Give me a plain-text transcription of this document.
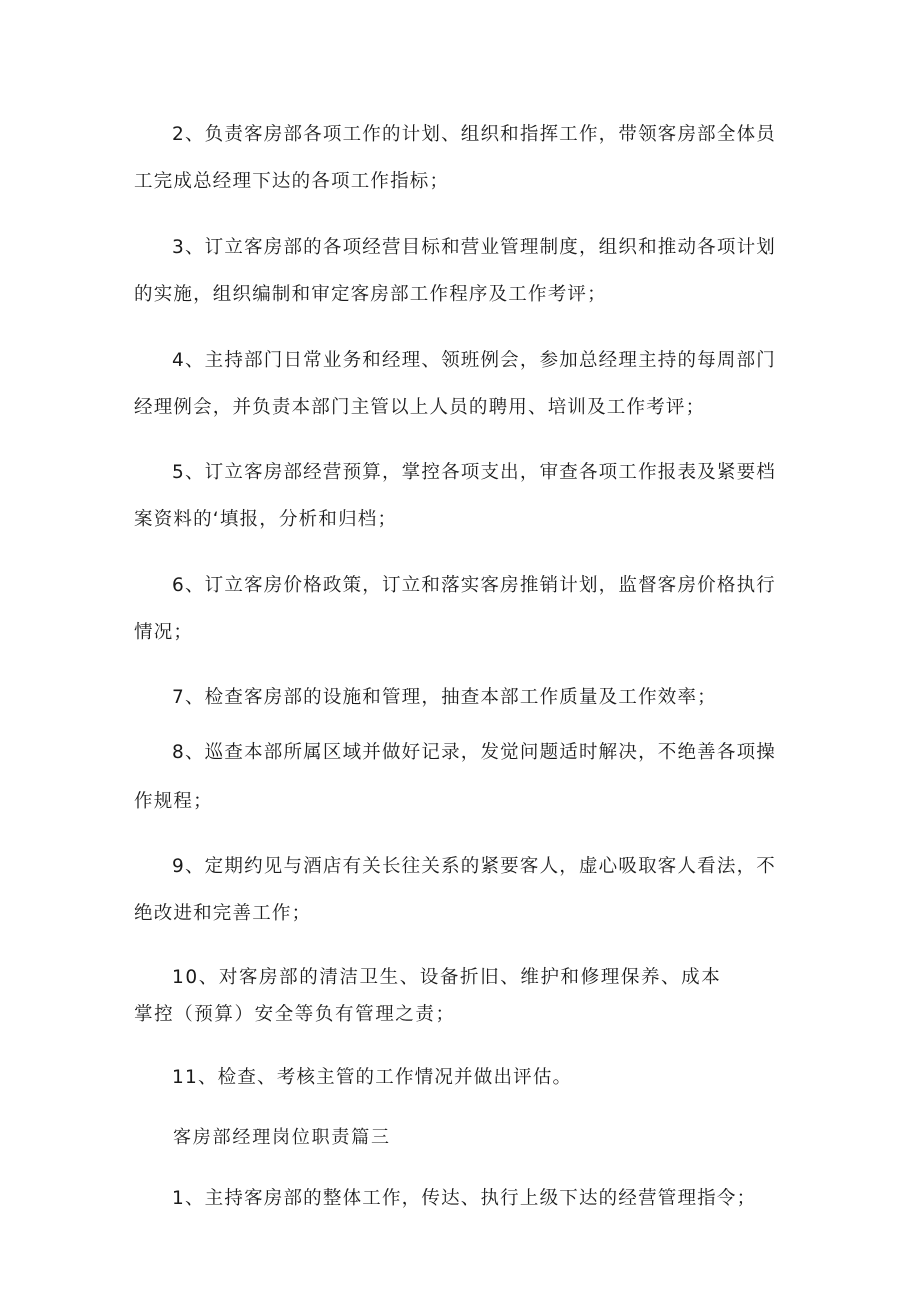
2、负责客房部各项工作的计划、组织和指挥工作，带领客房部全体员
工完成总经理下达的各项工作指标；
3、订立客房部的各项经营目标和营业管理制度，组织和推动各项计划
的实施，组织编制和审定客房部工作程序及工作考评；
4、主持部门日常业务和经理、领班例会，参加总经理主持的每周部门
经理例会，并负责本部门主管以上人员的聘用、培训及工作考评；
5、订立客房部经营预算，掌控各项支出，审查各项工作报表及紧要档
案资料的‘填报，分析和归档；
6、订立客房价格政策，订立和落实客房推销计划，监督客房价格执行
情况；
7、检查客房部的设施和管理，抽查本部工作质量及工作效率；
8、巡查本部所属区域并做好记录，发觉问题适时解决，不绝善各项操
作规程；
9、定期约见与酒店有关长往关系的紧要客人，虚心吸取客人看法，不
绝改进和完善工作；
10、对客房部的清洁卫生、设备折旧、维护和修理保养、成本
掌控（预算）安全等负有管理之责；
11、检查、考核主管的工作情况并做出评估。
客房部经理岗位职责篇三
1、主持客房部的整体工作，传达、执行上级下达的经营管理指令；
